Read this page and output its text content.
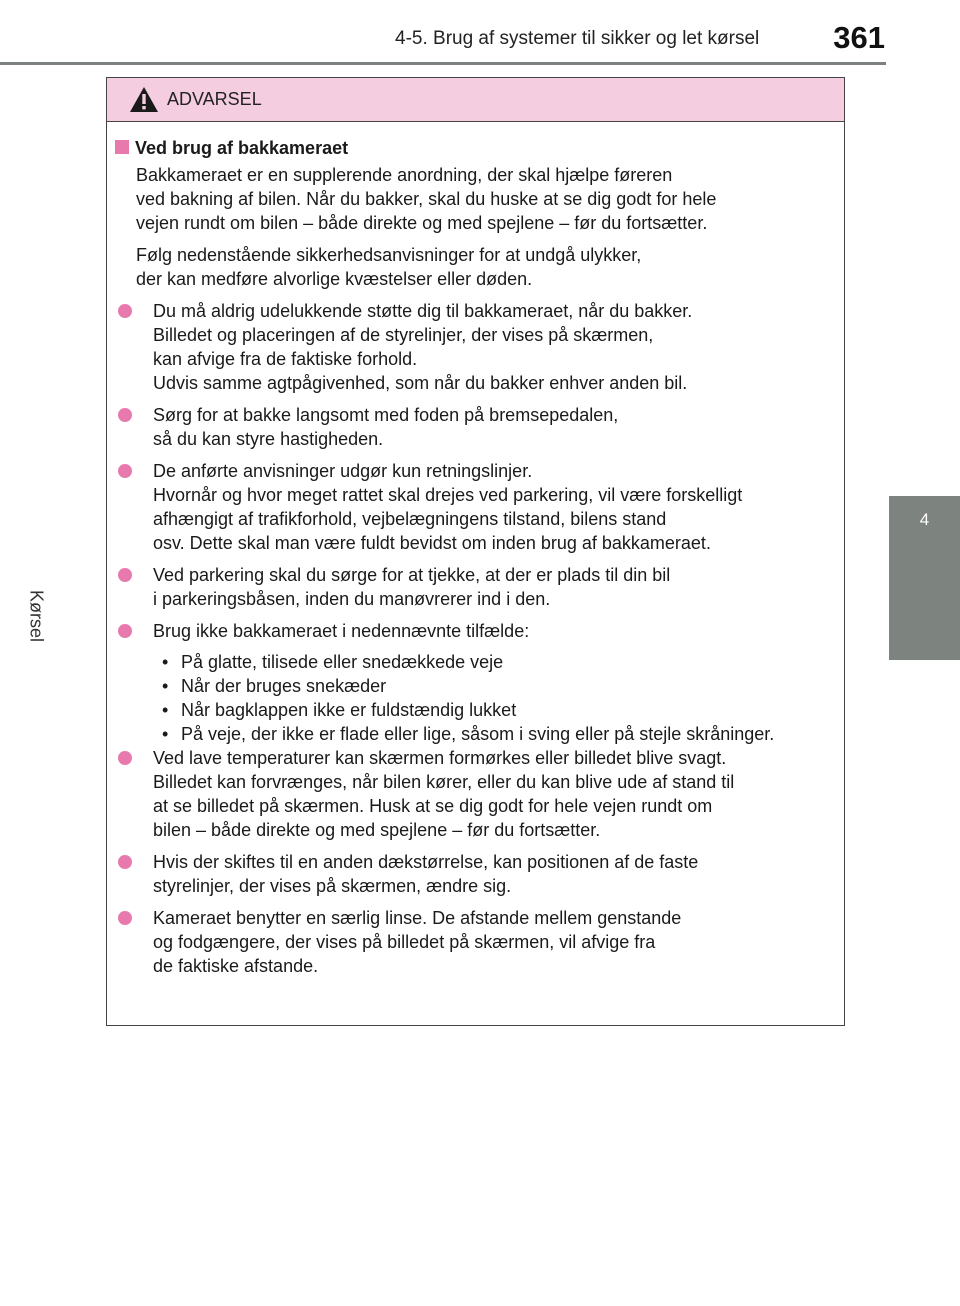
4-5. Brug af systemer til sikker og let kørsel	361
4
Kørsel
ADVARSEL
Ved brug af bakkameraet
Bakkameraet er en supplerende anordning, der skal hjælpe føreren
ved bakning af bilen. Når du bakker, skal du huske at se dig godt for hele
vejen rundt om bilen – både direkte og med spejlene – før du fortsætter.
Følg nedenstående sikkerhedsanvisninger for at undgå ulykker,
der kan medføre alvorlige kvæstelser eller døden.
Du må aldrig udelukkende støtte dig til bakkameraet, når du bakker.
Billedet og placeringen af de styrelinjer, der vises på skærmen,
kan afvige fra de faktiske forhold.
Udvis samme agtpågivenhed, som når du bakker enhver anden bil.
Sørg for at bakke langsomt med foden på bremsepedalen,
så du kan styre hastigheden.
De anførte anvisninger udgør kun retningslinjer.
Hvornår og hvor meget rattet skal drejes ved parkering, vil være forskelligt
afhængigt af trafikforhold, vejbelægningens tilstand, bilens stand
osv. Dette skal man være fuldt bevidst om inden brug af bakkameraet.
Ved parkering skal du sørge for at tjekke, at der er plads til din bil
i parkeringsbåsen, inden du manøvrerer ind i den.
Brug ikke bakkameraet i nedennævnte tilfælde:
• På glatte, tilisede eller snedækkede veje
• Når der bruges snekæder
• Når bagklappen ikke er fuldstændig lukket
• På veje, der ikke er flade eller lige, såsom i sving eller på stejle skråninger.
Ved lave temperaturer kan skærmen formørkes eller billedet blive svagt.
Billedet kan forvrænges, når bilen kører, eller du kan blive ude af stand til
at se billedet på skærmen. Husk at se dig godt for hele vejen rundt om
bilen – både direkte og med spejlene – før du fortsætter.
Hvis der skiftes til en anden dækstørrelse, kan positionen af de faste
styrelinjer, der vises på skærmen, ændre sig.
Kameraet benytter en særlig linse. De afstande mellem genstande
og fodgængere, der vises på billedet på skærmen, vil afvige fra
de faktiske afstande.
